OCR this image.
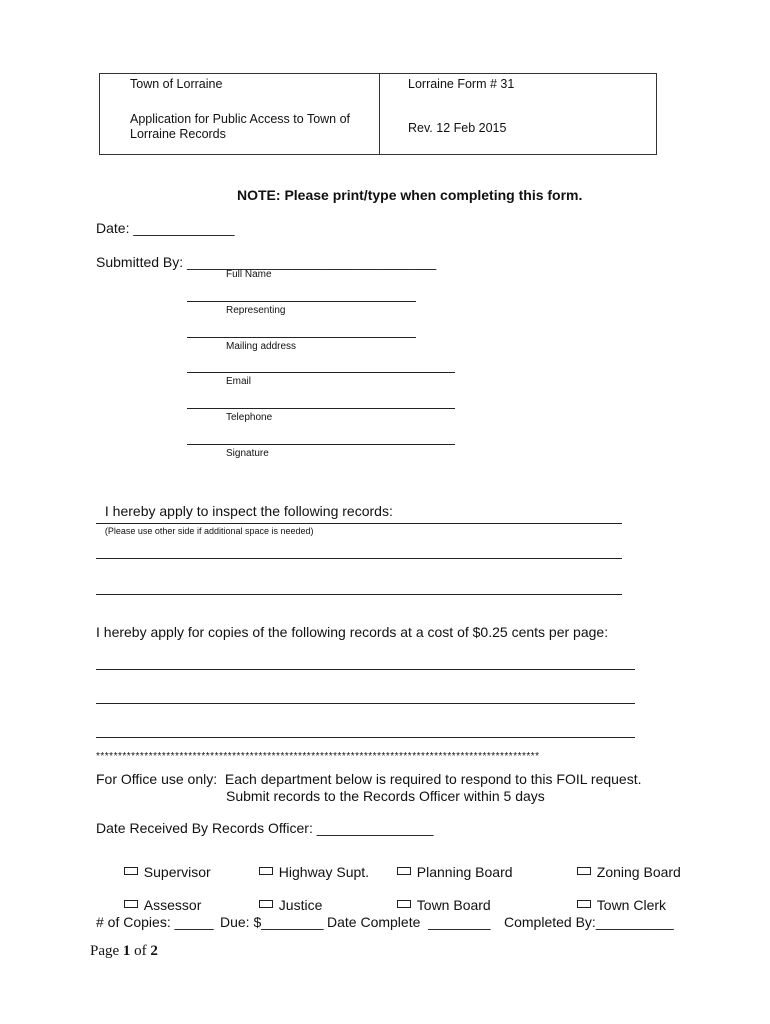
Town of Lorraine	Lorraine Form # 31
Application for Public Access to Town of
Lorraine Records	Rev. 12 Feb 2015
NOTE: Please print/type when completing this form.
Date: _____________
Submitted By: ________________________________
Full Name
Representing
Mailing address
Email
Telephone
Signature

I hereby apply to inspect the following records:
(Please use other side if additional space is needed)

I hereby apply for copies of the following records at a cost of $0.25 cents per page:
*****************************************************************************************************
For Office use only:  Each department below is required to respond to this FOIL request.
Submit records to the Records Officer within 5 days
Date Received By Records Officer: _______________

Supervisor	Highway Supt.	Planning Board	Zoning Board

Assessor	Justice	Town Board	Town Clerk

# of Copies: _____ Due: $________ Date Complete  ________ Completed By:__________
Page 1 of 2
